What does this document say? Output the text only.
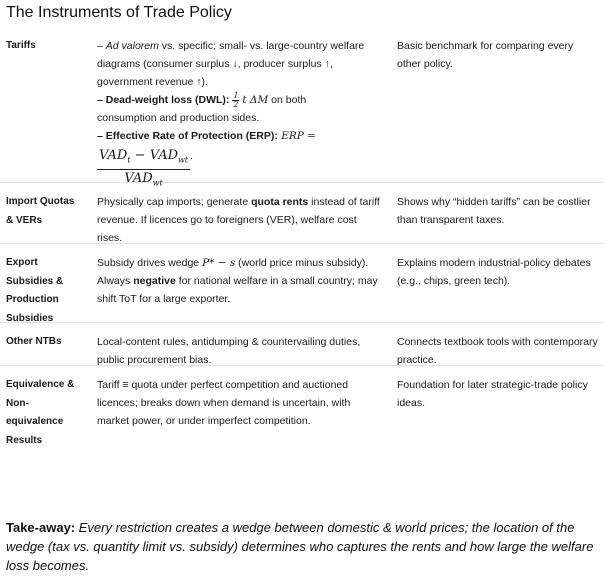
The Instruments of Trade Policy
Tariffs	– Ad valorem vs. specific; small- vs. large-country welfare
diagrams (consumer surplus ↓, producer surplus ↑,
government revenue ↑).
– Dead-weight loss (DWL): $\frac{1}{2}$ t ΔM on both
consumption and production sides.
– Effective Rate of Protection (ERP): ERP =
$VAD_t - VAD_{wt}$
$VAD_{wt}$
.
Basic benchmark for comparing every other policy.
Import Quotas & VERs
Physically cap imports; generate quota rents instead of tariff revenue. If licences go to foreigners (VER), welfare cost rises.
Shows why “hidden tariffs” can be costlier than transparent taxes.
Export Subsidies & Production Subsidies
Subsidy drives wedge P* − s (world price minus subsidy). Always negative for national welfare in a small country; may shift ToT for a large exporter.
Explains modern industrial-policy debates (e.g., chips, green tech).
Other NTBs	Local-content rules, antidumping & countervailing duties, public procurement bias.
Connects textbook tools with contemporary practice.
Equivalence & Non-equivalence Results
Tariff ≡ quota under perfect competition and auctioned licences; breaks down when demand is uncertain, with market power, or under imperfect competition.
Foundation for later strategic-trade policy ideas.
Take-away: Every restriction creates a wedge between domestic & world prices; the location of the wedge (tax vs. quantity limit vs. subsidy) determines who captures the rents and how large the welfare loss becomes.
